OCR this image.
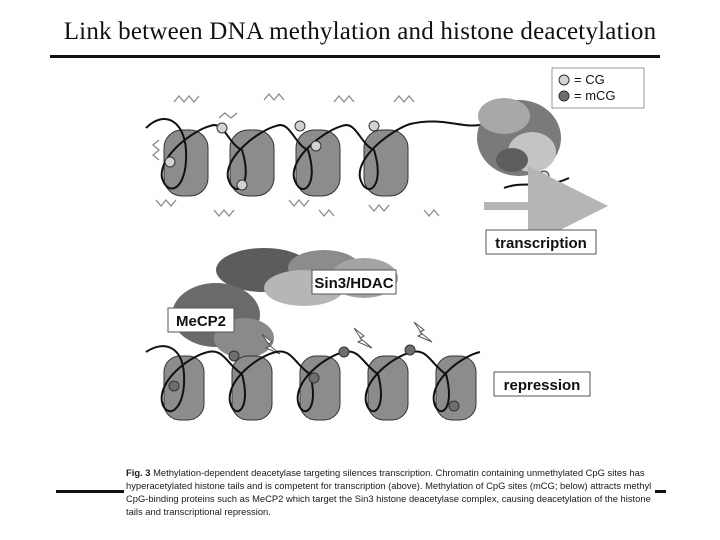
Link between DNA methylation and histone deacetylation
= CG
= mCG
transcription
Sin3/HDAC
MeCP2
repression
Fig. 3 Methylation-dependent deacetylase targeting silences transcription. Chromatin containing unmethylated CpG sites has hyperacetylated histone tails and is competent for transcription (above). Methylation of CpG sites (mCG; below) attracts methyl CpG-binding proteins such as MeCP2 which target the Sin3 histone deacetylase complex, causing deacetylation of the histone tails and transcriptional repression.
